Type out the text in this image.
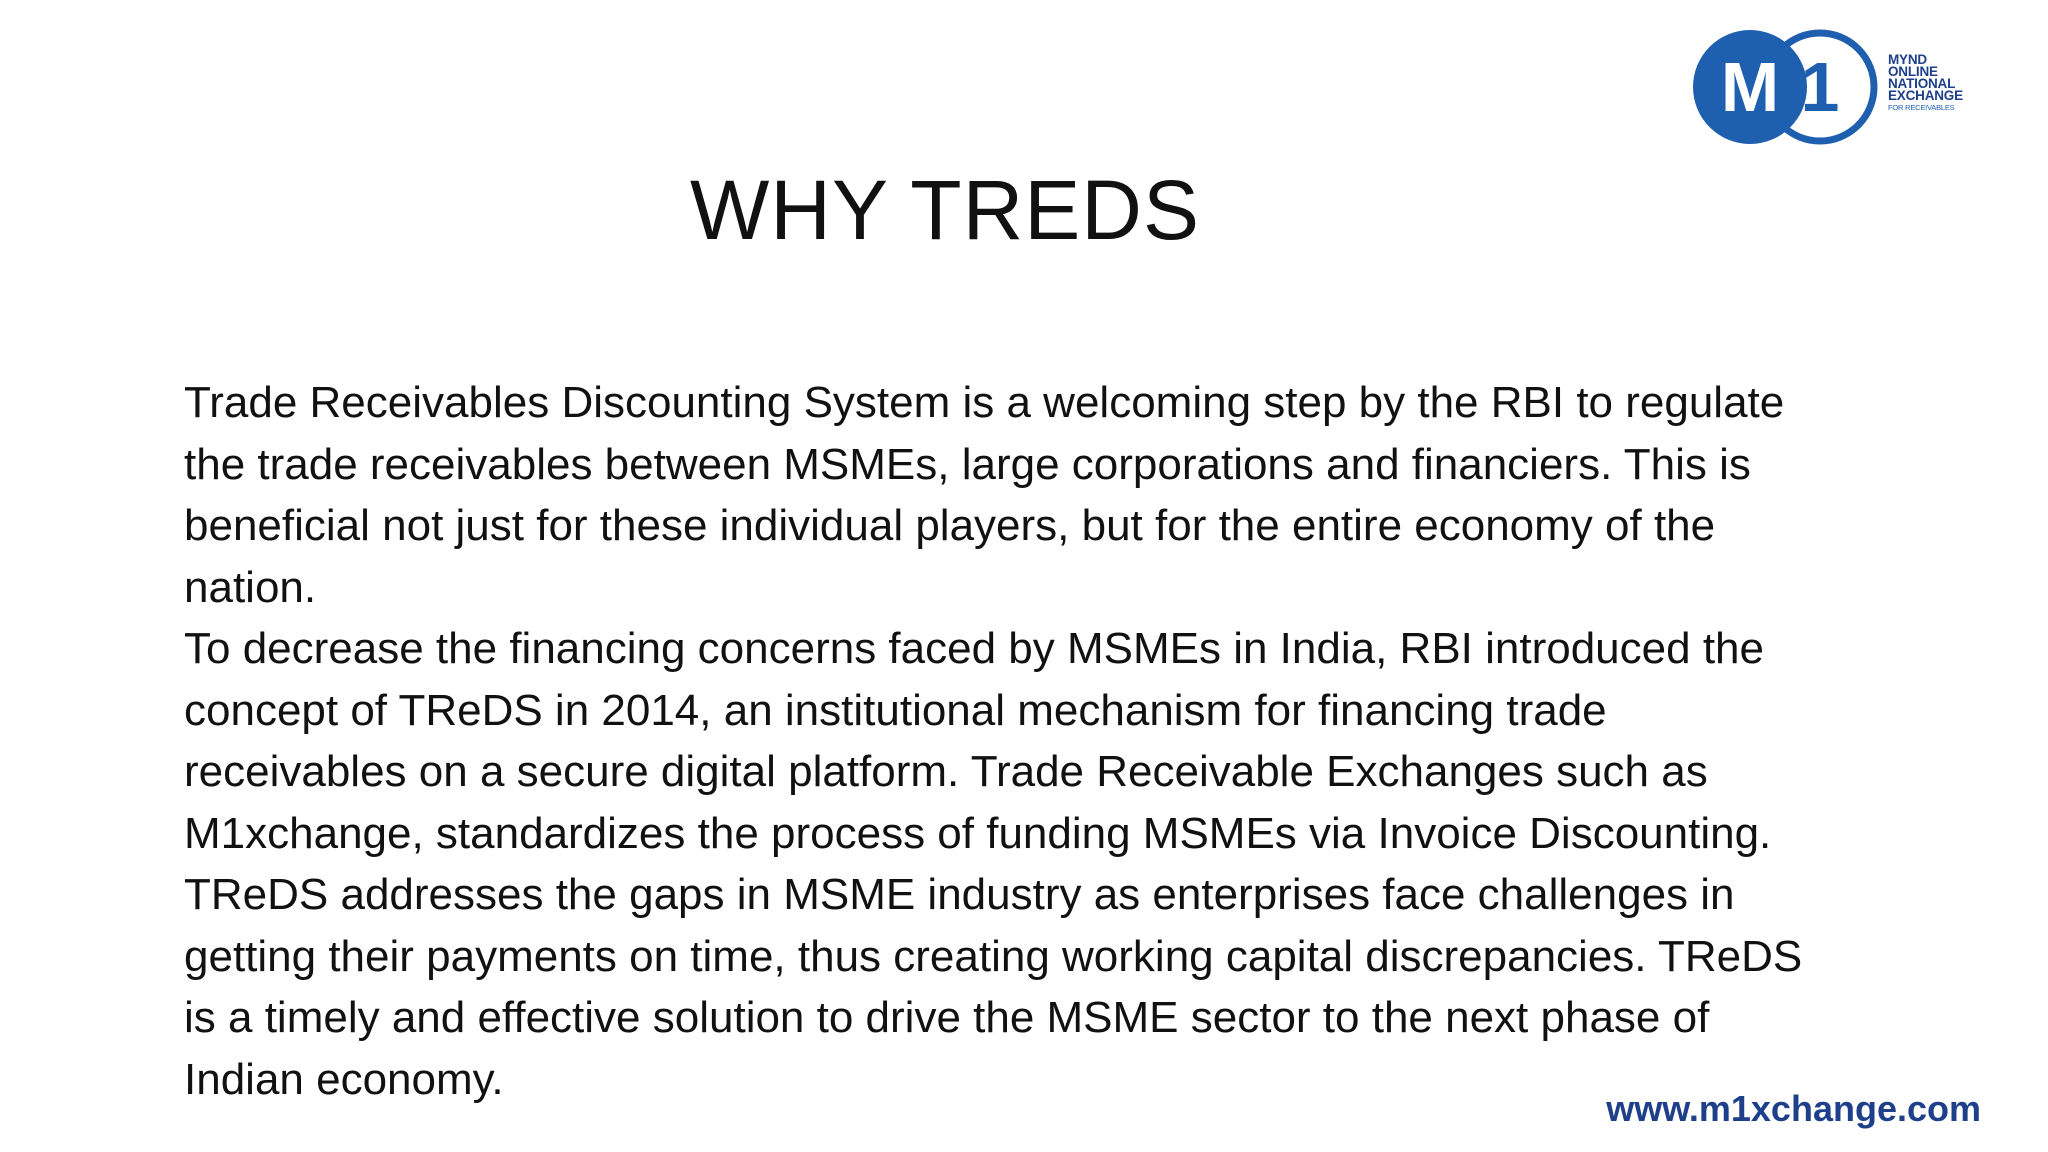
M 1	MYND
ONLINE
NATIONAL
EXCHANGE
FOR RECEIVABLES
WHY TREDS
Trade Receivables Discounting System is a welcoming step by the RBI to regulate
the trade receivables between MSMEs, large corporations and financiers. This is
beneficial not just for these individual players, but for the entire economy of the
nation.
To decrease the financing concerns faced by MSMEs in India, RBI introduced the
concept of TReDS in 2014, an institutional mechanism for financing trade
receivables on a secure digital platform. Trade Receivable Exchanges such as
M1xchange, standardizes the process of funding MSMEs via Invoice Discounting.
TReDS addresses the gaps in MSME industry as enterprises face challenges in
getting their payments on time, thus creating working capital discrepancies. TReDS
is a timely and effective solution to drive the MSME sector to the next phase of
Indian economy.
www.m1xchange.com
